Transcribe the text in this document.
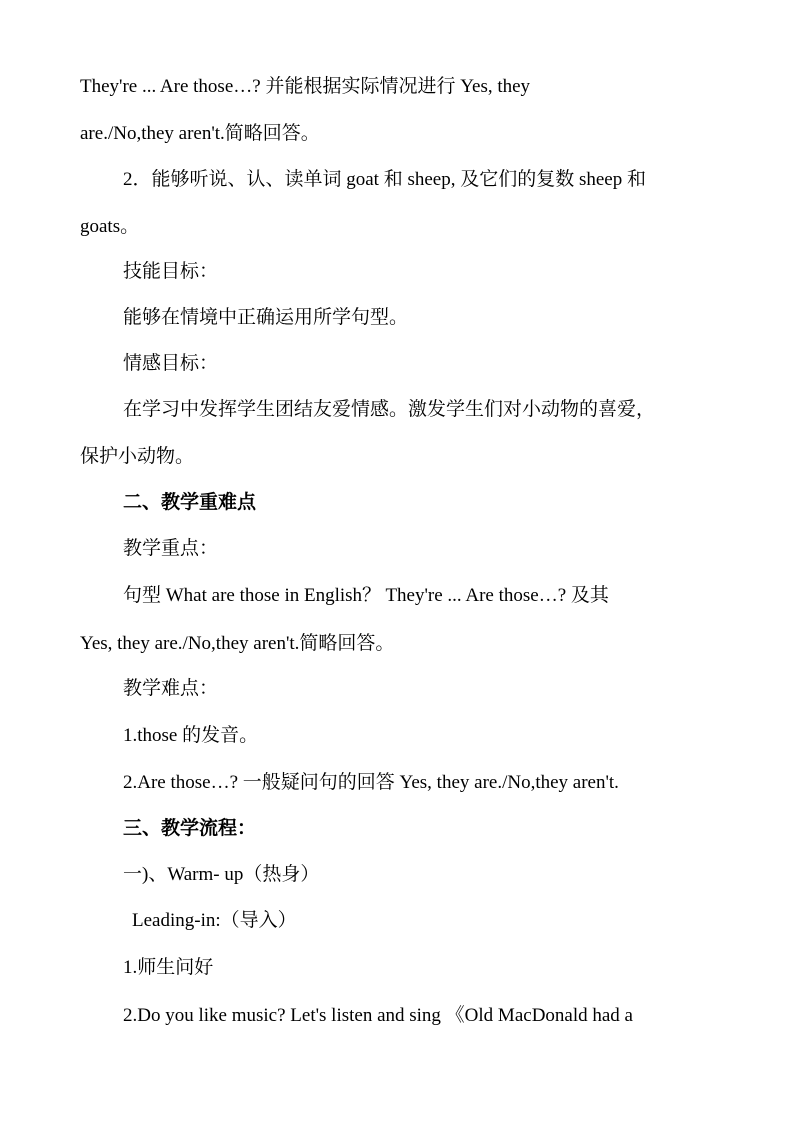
They're ... Are those…? 并能根据实际情况进行 Yes, they
are./No,they aren't.简略回答。
2．能够听说、认、读单词 goat 和 sheep, 及它们的复数 sheep 和
goats。
技能目标：
能够在情境中正确运用所学句型。
情感目标：
在学习中发挥学生团结友爱情感。激发学生们对小动物的喜爱，
保护小动物。
二、教学重难点
教学重点：
句型 What are those in English？ They're ... Are those…? 及其
Yes, they are./No,they aren't.简略回答。
教学难点：
1.those 的发音。
2.Are those…? 一般疑问句的回答 Yes, they are./No,they aren't.
三、教学流程：
一)、Warm- up（热身）
Leading-in:（导入）
1.师生问好
2.Do you like music? Let's listen and sing 《Old MacDonald had a
